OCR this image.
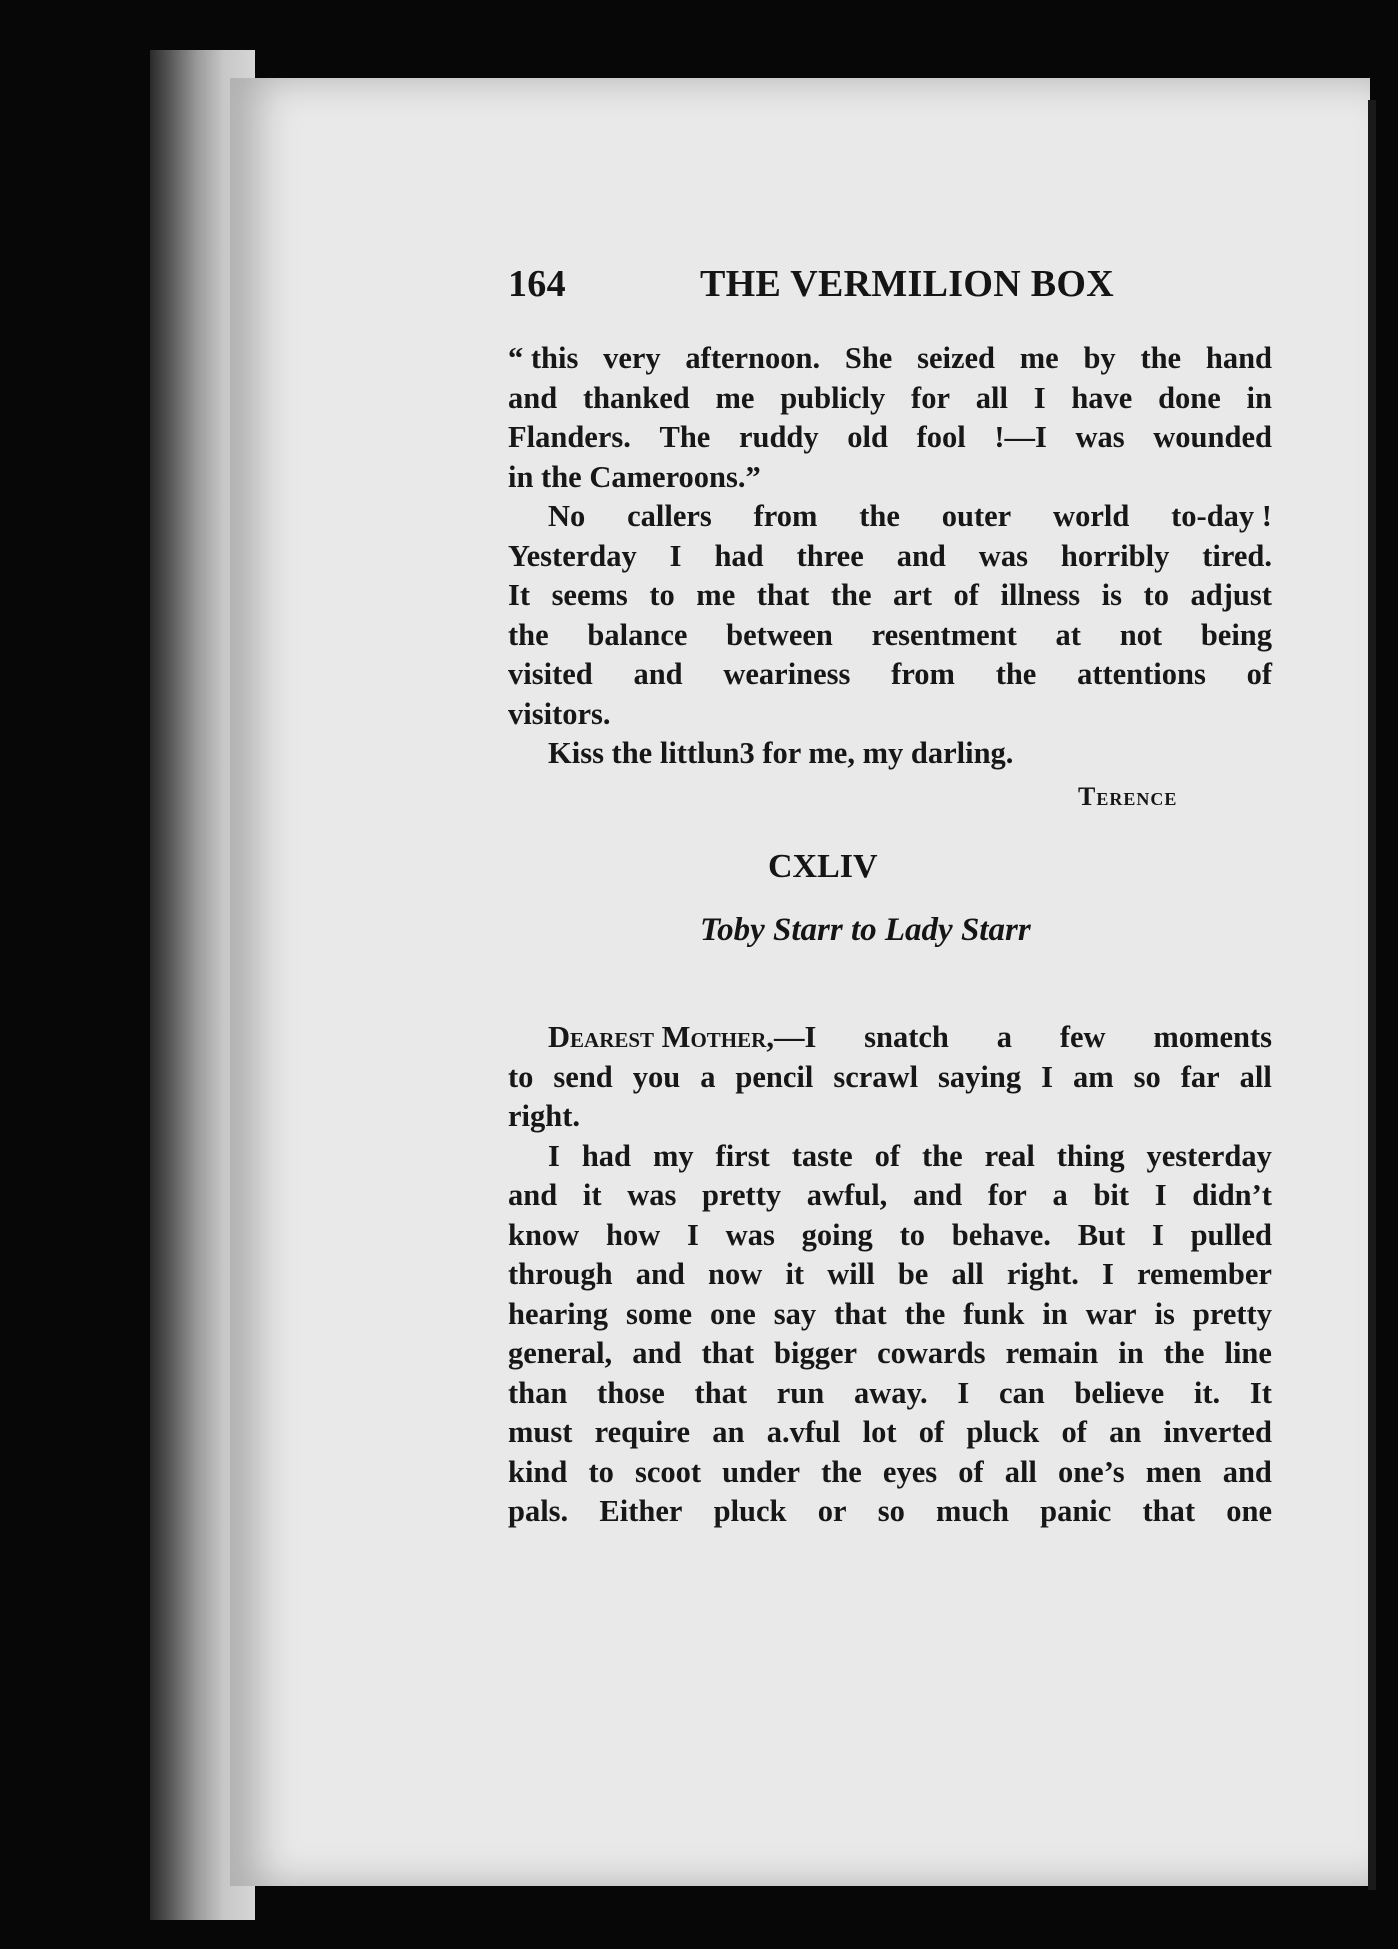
164	THE VERMILION BOX
“ this very afternoon. She seized me by the hand
and thanked me publicly for all I have done in
Flanders. The ruddy old fool !—I was wounded
in the Cameroons.”
No callers from the outer world to-day !
Yesterday I had three and was horribly tired.
It seems to me that the art of illness is to adjust
the balance between resentment at not being
visited and weariness from the attentions of
visitors.
Kiss the littlun3 for me, my darling.
Terence
CXLIV
Toby Starr to Lady Starr
Dearest Mother,—I snatch a few moments
to send you a pencil scrawl saying I am so far all
right.
I had my first taste of the real thing yesterday
and it was pretty awful, and for a bit I didn’t
know how I was going to behave. But I pulled
through and now it will be all right. I remember
hearing some one say that the funk in war is pretty
general, and that bigger cowards remain in the line
than those that run away. I can believe it. It
must require an a.vful lot of pluck of an inverted
kind to scoot under the eyes of all one’s men and
pals. Either pluck or so much panic that one
